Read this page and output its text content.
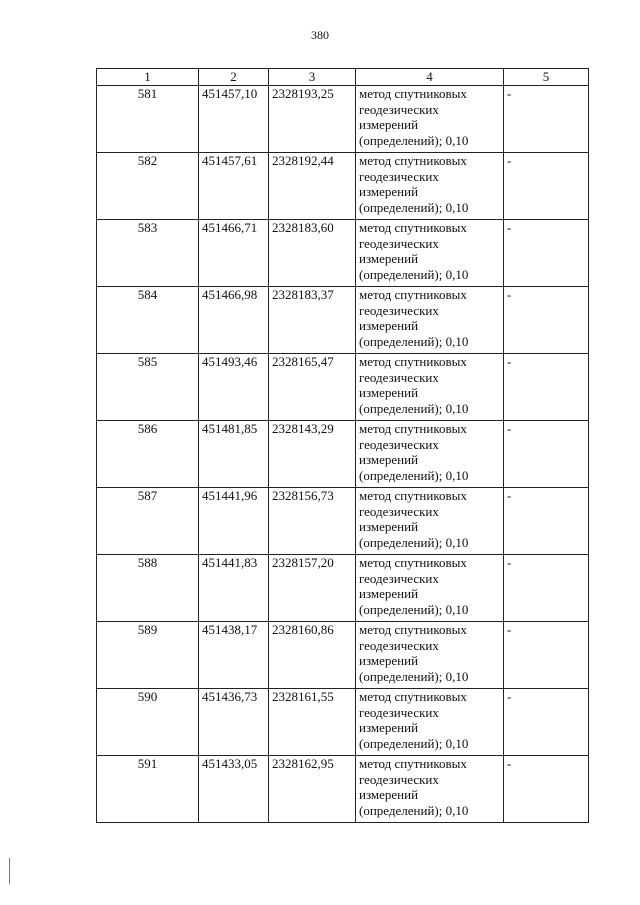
380
1	2	3	4	5
581	451457,10	2328193,25	метод спутниковых
геодезических
измерений
(определений); 0,10	-
582	451457,61	2328192,44	метод спутниковых
геодезических
измерений
(определений); 0,10	-
583	451466,71	2328183,60	метод спутниковых
геодезических
измерений
(определений); 0,10	-
584	451466,98	2328183,37	метод спутниковых
геодезических
измерений
(определений); 0,10	-
585	451493,46	2328165,47	метод спутниковых
геодезических
измерений
(определений); 0,10	-
586	451481,85	2328143,29	метод спутниковых
геодезических
измерений
(определений); 0,10	-
587	451441,96	2328156,73	метод спутниковых
геодезических
измерений
(определений); 0,10	-
588	451441,83	2328157,20	метод спутниковых
геодезических
измерений
(определений); 0,10	-
589	451438,17	2328160,86	метод спутниковых
геодезических
измерений
(определений); 0,10	-
590	451436,73	2328161,55	метод спутниковых
геодезических
измерений
(определений); 0,10	-
591	451433,05	2328162,95	метод спутниковых
геодезических
измерений
(определений); 0,10	-
